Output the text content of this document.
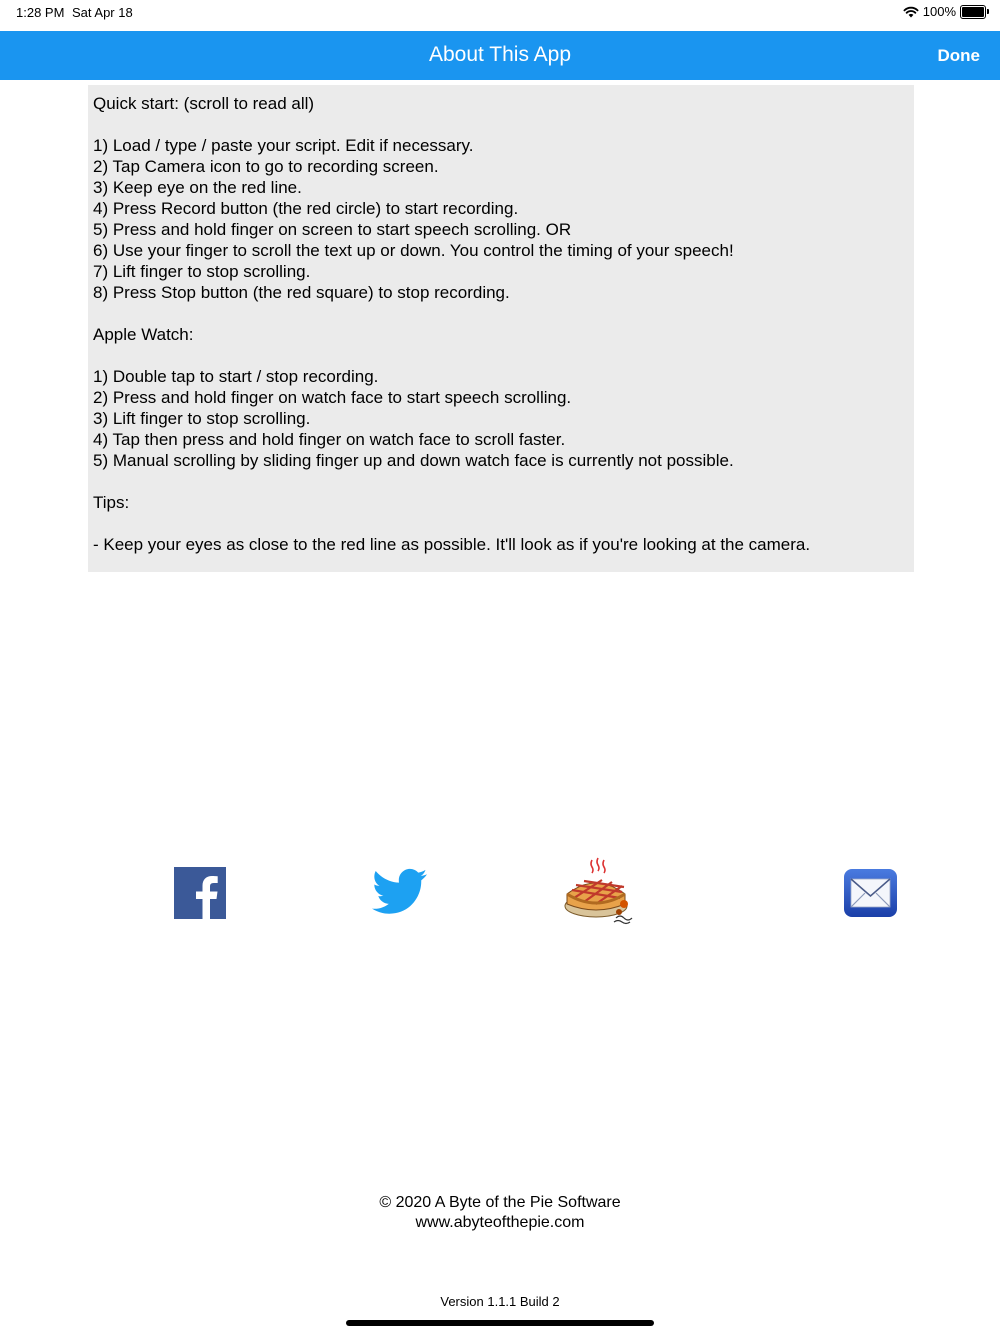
1:28 PM Sat Apr 18	100%
About This App	Done

Quick start: (scroll to read all)

1) Load / type / paste your script. Edit if necessary.

2) Tap Camera icon to go to recording screen.

3) Keep eye on the red line.

4) Press Record button (the red circle) to start recording.

5) Press and hold finger on screen to start speech scrolling. OR

6) Use your finger to scroll the text up or down. You control the timing of your speech!

7) Lift finger to stop scrolling.

8) Press Stop button (the red square) to stop recording.

Apple Watch:

1) Double tap to start / stop recording.

2) Press and hold finger on watch face to start speech scrolling.

3) Lift finger to stop scrolling.

4) Tap then press and hold finger on watch face to scroll faster.

5) Manual scrolling by sliding finger up and down watch face is currently not possible.

Tips:

- Keep your eyes as close to the red line as possible. It'll look as if you're looking at the camera.

© 2020 A Byte of the Pie Software
www.abyteofthepie.com
Version 1.1.1 Build 2
